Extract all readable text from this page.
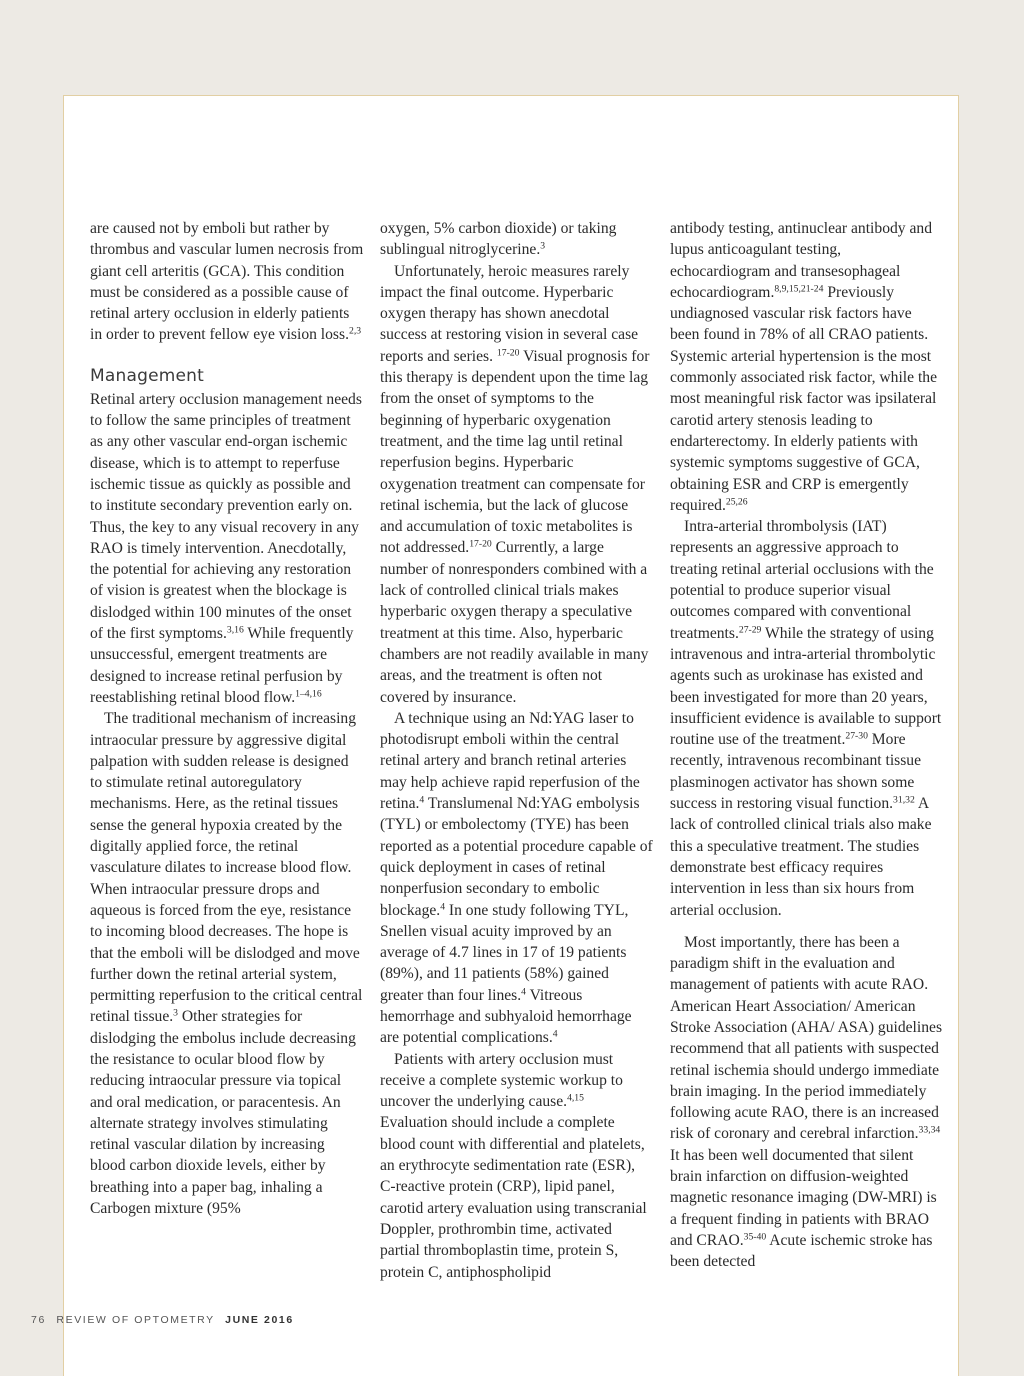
are caused not by emboli but rather by thrombus and vascular lumen necrosis from giant cell arteritis (GCA). This condition must be considered as a possible cause of retinal artery occlusion in elderly patients in order to prevent fellow eye vision loss.$^{2,3}$

Management

Retinal artery occlusion management needs to follow the same principles of treatment as any other vascular end-organ ischemic disease, which is to attempt to reperfuse ischemic tissue as quickly as possible and to institute secondary prevention early on. Thus, the key to any visual recovery in any RAO is timely intervention. Anecdotally, the potential for achieving any restoration of vision is greatest when the blockage is dislodged within 100 minutes of the onset of the first symptoms.$^{3,16}$ While frequently unsuccessful, emergent treatments are designed to increase retinal perfusion by reestablishing retinal blood flow.$^{1-4,16}$

The traditional mechanism of increasing intraocular pressure by aggressive digital palpation with sudden release is designed to stimulate retinal autoregulatory mechanisms. Here, as the retinal tissues sense the general hypoxia created by the digitally applied force, the retinal vasculature dilates to increase blood flow. When intraocular pressure drops and aqueous is forced from the eye, resistance to incoming blood decreases. The hope is that the emboli will be dislodged and move further down the retinal arterial system, permitting reperfusion to the critical central retinal tissue.$^3$ Other strategies for dislodging the embolus include decreasing the resistance to ocular blood flow by reducing intraocular pressure via topical and oral medication, or paracentesis. An alternate strategy involves stimulating retinal vascular dilation by increasing blood carbon dioxide levels, either by breathing into a paper bag, inhaling a Carbogen mixture (95%

oxygen, 5% carbon dioxide) or taking sublingual nitroglycerine.$^3$

Unfortunately, heroic measures rarely impact the final outcome. Hyperbaric oxygen therapy has shown anecdotal success at restoring vision in several case reports and series. $^{17-20}$ Visual prognosis for this therapy is dependent upon the time lag from the onset of symptoms to the beginning of hyperbaric oxygenation treatment, and the time lag until retinal reperfusion begins. Hyperbaric oxygenation treatment can compensate for retinal ischemia, but the lack of glucose and accumulation of toxic metabolites is not addressed.$^{17-20}$ Currently, a large number of nonresponders combined with a lack of controlled clinical trials makes hyperbaric oxygen therapy a speculative treatment at this time. Also, hyperbaric chambers are not readily available in many areas, and the treatment is often not covered by insurance.

A technique using an Nd:YAG laser to photodisrupt emboli within the central retinal artery and branch retinal arteries may help achieve rapid reperfusion of the retina.$^4$ Translumenal Nd:YAG embolysis (TYL) or embolectomy (TYE) has been reported as a potential procedure capable of quick deployment in cases of retinal nonperfusion secondary to embolic blockage.$^4$ In one study following TYL, Snellen visual acuity improved by an average of 4.7 lines in 17 of 19 patients (89%), and 11 patients (58%) gained greater than four lines.$^4$ Vitreous hemorrhage and subhyaloid hemorrhage are potential complications.$^4$

Patients with artery occlusion must receive a complete systemic workup to uncover the underlying cause.$^{4,15}$ Evaluation should include a complete blood count with differential and platelets, an erythrocyte sedimentation rate (ESR), C-reactive protein (CRP), lipid panel, carotid artery evaluation using transcranial Doppler, prothrombin time, activated partial thromboplastin time, protein S, protein C, antiphospholipid

antibody testing, antinuclear antibody and lupus anticoagulant testing, echocardiogram and transesophageal echocardiogram.$^{8,9,15,21-24}$ Previously undiagnosed vascular risk factors have been found in 78% of all CRAO patients. Systemic arterial hypertension is the most commonly associated risk factor, while the most meaningful risk factor was ipsilateral carotid artery stenosis leading to endarterectomy. In elderly patients with systemic symptoms suggestive of GCA, obtaining ESR and CRP is emergently required.$^{25,26}$

Intra-arterial thrombolysis (IAT) represents an aggressive approach to treating retinal arterial occlusions with the potential to produce superior visual outcomes compared with conventional treatments.$^{27-29}$ While the strategy of using intravenous and intra-arterial thrombolytic agents such as urokinase has existed and been investigated for more than 20 years, insufficient evidence is available to support routine use of the treatment.$^{27-30}$ More recently, intravenous recombinant tissue plasminogen activator has shown some success in restoring visual function.$^{31,32}$ A lack of controlled clinical trials also make this a speculative treatment. The studies demonstrate best efficacy requires intervention in less than six hours from arterial occlusion.

Most importantly, there has been a paradigm shift in the evaluation and management of patients with acute RAO. American Heart Association/ American Stroke Association (AHA/ ASA) guidelines recommend that all patients with suspected retinal ischemia should undergo immediate brain imaging. In the period immediately following acute RAO, there is an increased risk of coronary and cerebral infarction.$^{33,34}$ It has been well documented that silent brain infarction on diffusion-weighted magnetic resonance imaging (DW-MRI) is a frequent finding in patients with BRAO and CRAO.$^{35-40}$ Acute ischemic stroke has been detected

76 REVIEW OF OPTOMETRY JUNE 2016
